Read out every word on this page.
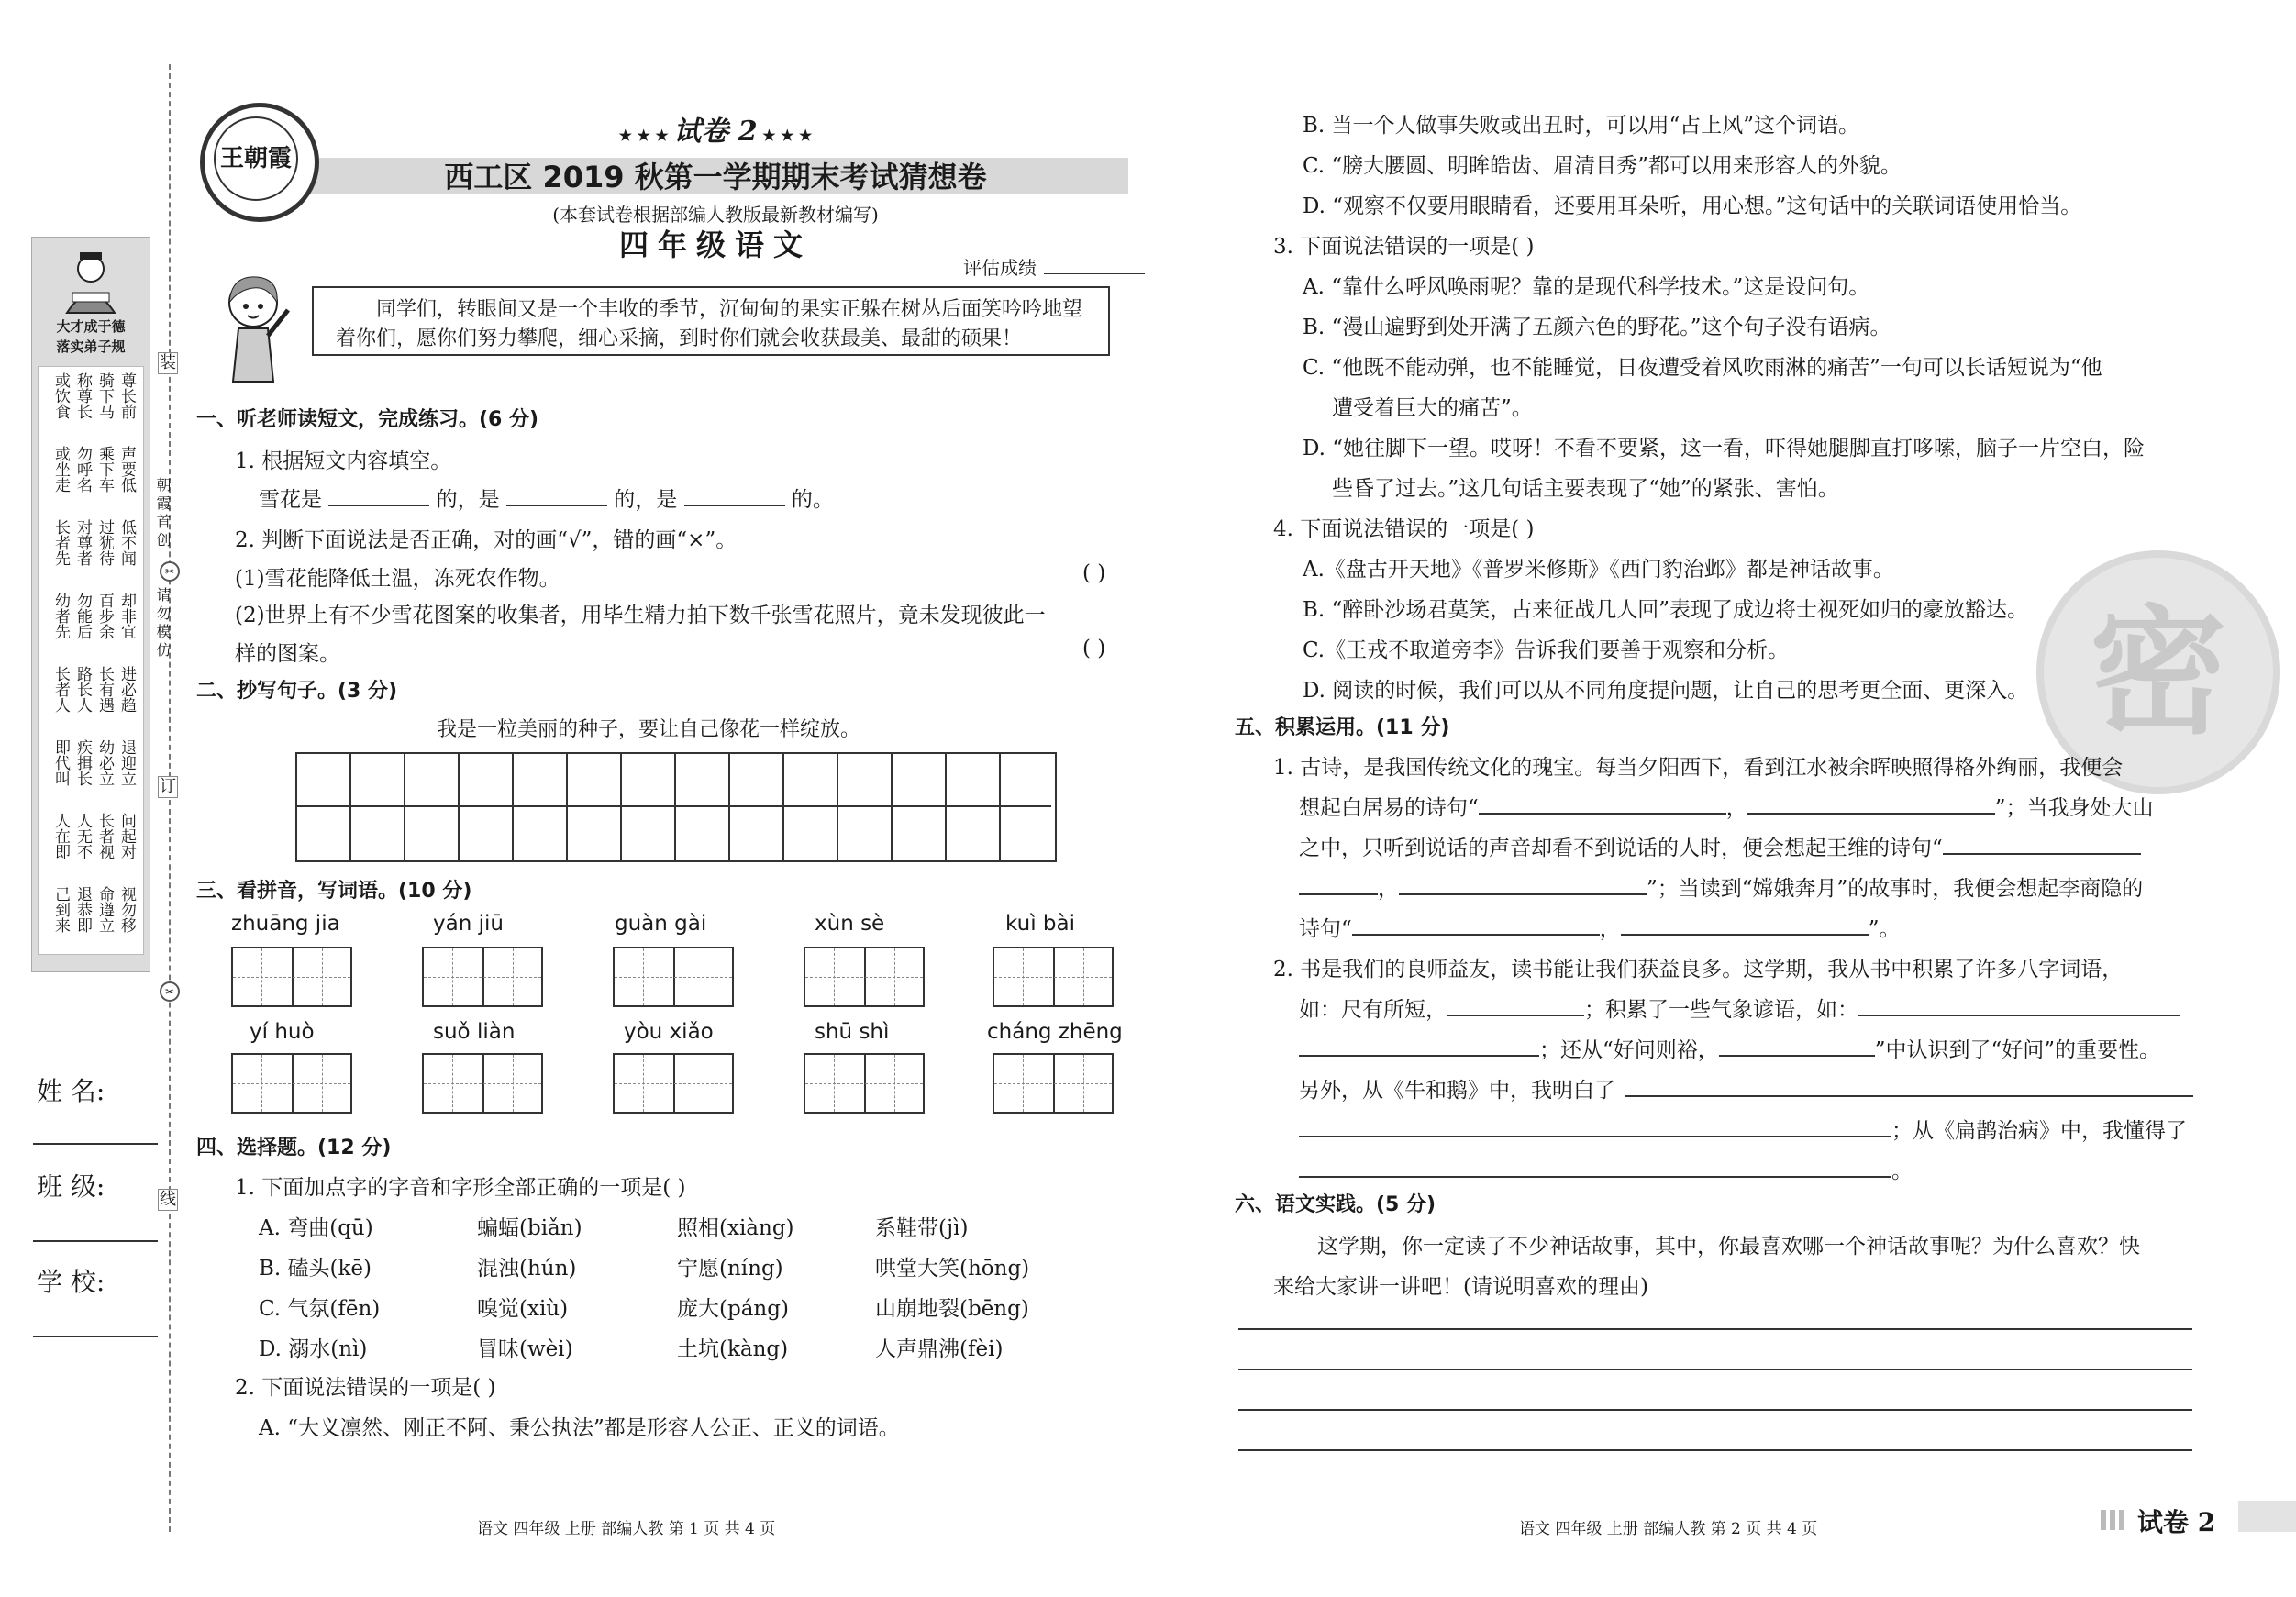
装
订
线
✂
✂
朝霞首创
请勿模仿
大才成于德
落实弟子规
或饮食 称尊长 骑下马 尊长前
或坐走 勿呼名 乘下车 声要低
长者先 对尊者 过犹待 低不闻
幼者先 勿能后 百步余 却非宜
长者人 路长人 长有遇 进必趋
即代叫 疾揖长 幼必立 退迎立
人在即 人无不 长者视 问起对
己到来 退恭即 命遵立 视勿移
姓 名:
班 级:
学 校:
王朝霞
★ ★ ★ 试卷 2 ★ ★ ★
西工区 2019 秋第一学期期末考试猜想卷
(本套试卷根据部编人教版最新教材编写)
四年级语文
评估成绩
同学们，转眼间又是一个丰收的季节，沉甸甸的果实正躲在树丛后面笑吟吟地望着你们，愿你们努力攀爬，细心采摘，到时你们就会收获最美、最甜的硕果！
一、听老师读短文，完成练习。(6 分)
1. 根据短文内容填空。
雪花是	的，是	的，是	的。
2. 判断下面说法是否正确，对的画“√”，错的画“×”。
(1)雪花能降低土温，冻死农作物。	( )
(2)世界上有不少雪花图案的收集者，用毕生精力拍下数千张雪花照片，竟未发现彼此一
样的图案。	( )
二、抄写句子。(3 分)
我是一粒美丽的种子，要让自己像花一样绽放。
三、看拼音，写词语。(10 分)
zhuāng jia	yán jiū	guàn gài	xùn sè	kuì bài
yí huò	suǒ liàn	yòu xiǎo	shū shì	cháng zhēng
四、选择题。(12 分)
1. 下面加点字的字音和字形全部正确的一项是( )
A. 弯曲(qū)	蝙蝠(biǎn)	照相(xiàng)	系鞋带(jì)
B. 磕头(kē)	混浊(hún)	宁愿(níng)	哄堂大笑(hōng)
C. 气氛(fēn)	嗅觉(xiù)	庞大(páng)	山崩地裂(bēng)
D. 溺水(nì)	冒昧(wèi)	土坑(kàng)	人声鼎沸(fèi)
2. 下面说法错误的一项是( )
A. “大义凛然、刚正不阿、秉公执法”都是形容人公正、正义的词语。
语文 四年级 上册 部编人教 第 1 页 共 4 页
密
B. 当一个人做事失败或出丑时，可以用“占上风”这个词语。
C. “膀大腰圆、明眸皓齿、眉清目秀”都可以用来形容人的外貌。
D. “观察不仅要用眼睛看，还要用耳朵听，用心想。”这句话中的关联词语使用恰当。
3. 下面说法错误的一项是( )
A. “靠什么呼风唤雨呢？靠的是现代科学技术。”这是设问句。
B. “漫山遍野到处开满了五颜六色的野花。”这个句子没有语病。
C. “他既不能动弹，也不能睡觉，日夜遭受着风吹雨淋的痛苦”一句可以长话短说为“他
遭受着巨大的痛苦”。
D. “她往脚下一望。哎呀！不看不要紧，这一看，吓得她腿脚直打哆嗦，脑子一片空白，险
些昏了过去。”这几句话主要表现了“她”的紧张、害怕。
4. 下面说法错误的一项是( )
A.《盘古开天地》《普罗米修斯》《西门豹治邺》都是神话故事。
B. “醉卧沙场君莫笑，古来征战几人回”表现了成边将士视死如归的豪放豁达。
C.《王戎不取道旁李》告诉我们要善于观察和分析。
D. 阅读的时候，我们可以从不同角度提问题，让自己的思考更全面、更深入。
五、积累运用。(11 分)
1. 古诗，是我国传统文化的瑰宝。每当夕阳西下，看到江水被余晖映照得格外绚丽，我便会
想起白居易的诗句“	，	”；当我身处大山
之中，只听到说话的声音却看不到说话的人时，便会想起王维的诗句“
，	”；当读到“嫦娥奔月”的故事时，我便会想起李商隐的
诗句“	，	”。
2. 书是我们的良师益友，读书能让我们获益良多。这学期，我从书中积累了许多八字词语，
如：尺有所短，	；积累了一些气象谚语，如：
；还从“好问则裕，	”中认识到了“好问”的重要性。
另外，从《牛和鹅》中，我明白了
；从《扁鹊治病》中，我懂得了
。
六、语文实践。(5 分)
这学期，你一定读了不少神话故事，其中，你最喜欢哪一个神话故事呢？为什么喜欢？快
来给大家讲一讲吧！(请说明喜欢的理由)
语文 四年级 上册 部编人教 第 2 页 共 4 页	试卷 2
